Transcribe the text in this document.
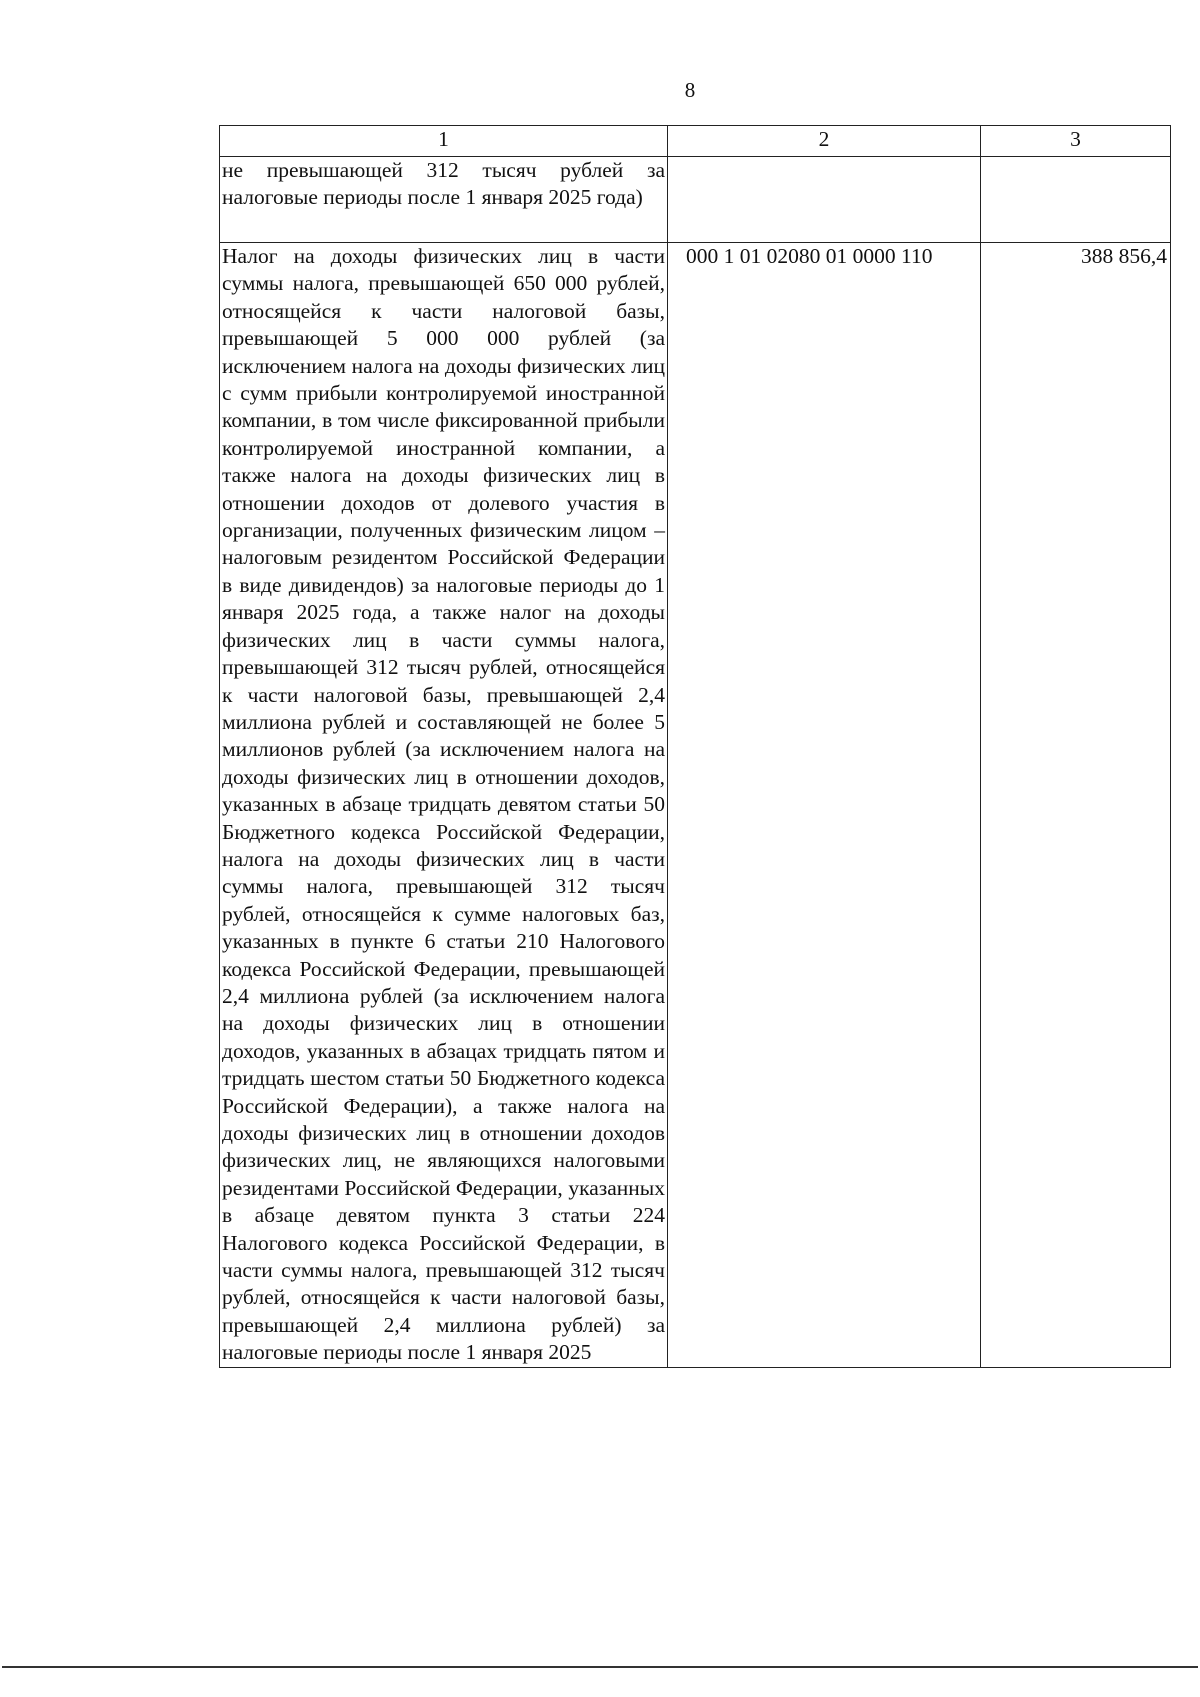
8
1	2	3
не превышающей 312 тысяч рублей за налоговые периоды после 1 января 2025 года)		
Налог на доходы физических лиц в части суммы налога, превышающей 650 000 рублей, относящейся к части налоговой базы, превышающей 5 000 000 рублей (за исключением налога на доходы физических лиц с сумм прибыли контролируемой иностранной компании, в том числе фиксированной прибыли контролируемой иностранной компании, а также налога на доходы физических лиц в отношении доходов от долевого участия в организации, полученных физическим лицом – налоговым резидентом Российской Федерации в виде дивидендов) за налоговые периоды до 1 января 2025 года, а также налог на доходы физических лиц в части суммы налога, превышающей 312 тысяч рублей, относящейся к части налоговой базы, превышающей 2,4 миллиона рублей и составляющей не более 5 миллионов рублей (за исключением налога на доходы физических лиц в отношении доходов, указанных в абзаце тридцать девятом статьи 50 Бюджетного кодекса Российской Федерации, налога на доходы физических лиц в части суммы налога, превышающей 312 тысяч рублей, относящейся к сумме налоговых баз, указанных в пункте 6 статьи 210 Налогового кодекса Российской Федерации, превышающей 2,4 миллиона рублей (за исключением налога на доходы физических лиц в отношении доходов, указанных в абзацах тридцать пятом и тридцать шестом статьи 50 Бюджетного кодекса Российской Федерации), а также налога на доходы физических лиц в отношении доходов физических лиц, не являющихся налоговыми резидентами Российской Федерации, указанных в абзаце девятом пункта 3 статьи 224 Налогового кодекса Российской Федерации, в части суммы налога, превышающей 312 тысяч рублей, относящейся к части налоговой базы, превышающей 2,4 миллиона рублей) за налоговые периоды после 1 января 2025	000 1 01 02080 01 0000 110	388 856,4
